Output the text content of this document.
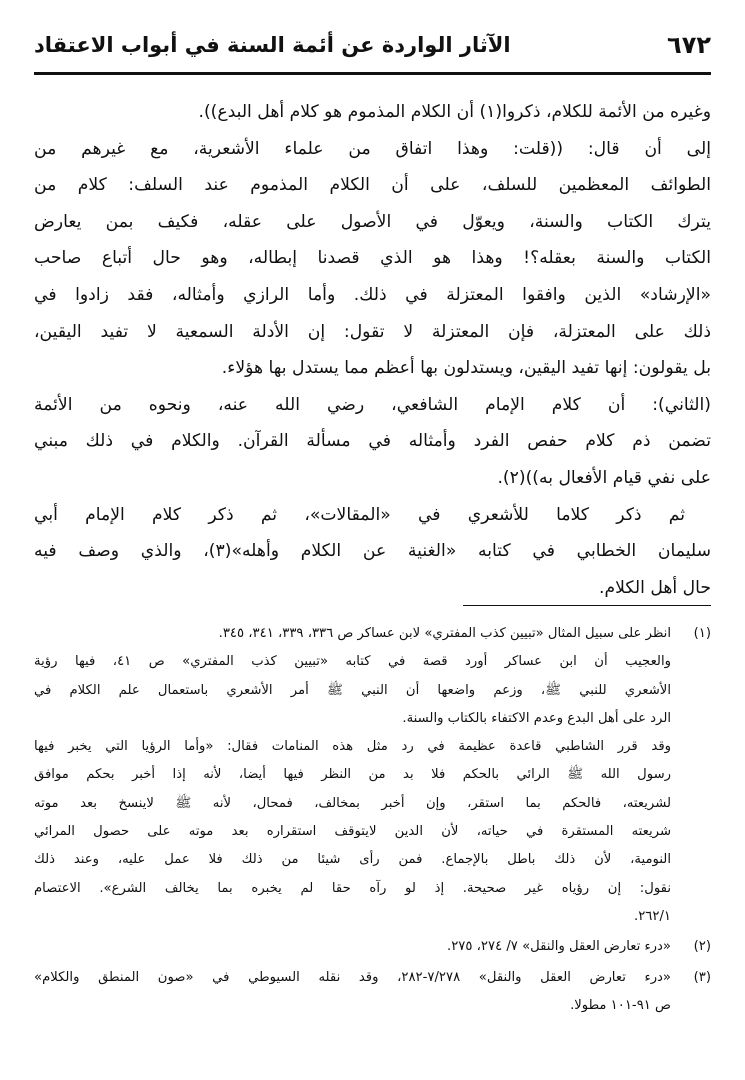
٦٧٢
الآثار الواردة عن أئمة السنة في أبواب الاعتقاد
وغيره من الأئمة للكلام، ذكروا(١) أن الكلام المذموم هو كلام أهل البدع)).
إلى أن قال: ((قلت: وهذا اتفاق من علماء الأشعرية، مع غيرهم من
الطوائف المعظمين للسلف، على أن الكلام المذموم عند السلف: كلام من
يترك الكتاب والسنة، ويعوّل في الأصول على عقله، فكيف بمن يعارض
الكتاب والسنة بعقله؟! وهذا هو الذي قصدنا إبطاله، وهو حال أتباع صاحب
«الإرشاد» الذين وافقوا المعتزلة في ذلك. وأما الرازي وأمثاله، فقد زادوا في
ذلك على المعتزلة، فإن المعتزلة لا تقول: إن الأدلة السمعية لا تفيد اليقين،
بل يقولون: إنها تفيد اليقين، ويستدلون بها أعظم مما يستدل بها هؤلاء.
(الثاني): أن كلام الإمام الشافعي، رضي الله عنه، ونحوه من الأئمة
تضمن ذم كلام حفص الفرد وأمثاله في مسألة القرآن. والكلام في ذلك مبني
على نفي قيام الأفعال به))(٢).
ثم ذكر كلاما للأشعري في «المقالات»، ثم ذكر كلام الإمام أبي
سليمان الخطابي في كتابه «الغنية عن الكلام وأهله»(٣)، والذي وصف فيه
حال أهل الكلام.
(١)
انظر على سبيل المثال «تبيين كذب المفتري» لابن عساكر ص ٣٣٦، ٣٣٩، ٣٤١، ٣٤٥.
والعجيب أن ابن عساكر أورد قصة في كتابه «تبيين كذب المفتري» ص ٤١، فيها رؤية
الأشعري للنبي ﷺ، وزعم واضعها أن النبي ﷺ أمر الأشعري باستعمال علم الكلام في
الرد على أهل البدع وعدم الاكتفاء بالكتاب والسنة.
وقد قرر الشاطبي قاعدة عظيمة في رد مثل هذه المنامات فقال: «وأما الرؤيا التي يخبر فيها
رسول الله ﷺ الرائي بالحكم فلا بد من النظر فيها أيضا، لأنه إذا أخبر بحكم موافق
لشريعته، فالحكم بما استقر، وإن أخبر بمخالف، فمحال، لأنه ﷺ لاينسخ بعد موته
شريعته المستقرة في حياته، لأن الدين لايتوقف استقراره بعد موته على حصول المرائي
النومية، لأن ذلك باطل بالإجماع. فمن رأى شيئا من ذلك فلا عمل عليه، وعند ذلك
نقول: إن رؤياه غير صحيحة. إذ لو رآه حقا لم يخبره بما يخالف الشرع». الاعتصام
٢٦٢/١.
(٢)
«درء تعارض العقل والنقل» ٧/ ٢٧٤، ٢٧٥.
(٣)
«درء تعارض العقل والنقل» ٧/٢٧٨-٢٨٢، وقد نقله السيوطي في «صون المنطق والكلام»
ص ٩١-١٠١ مطولا.
